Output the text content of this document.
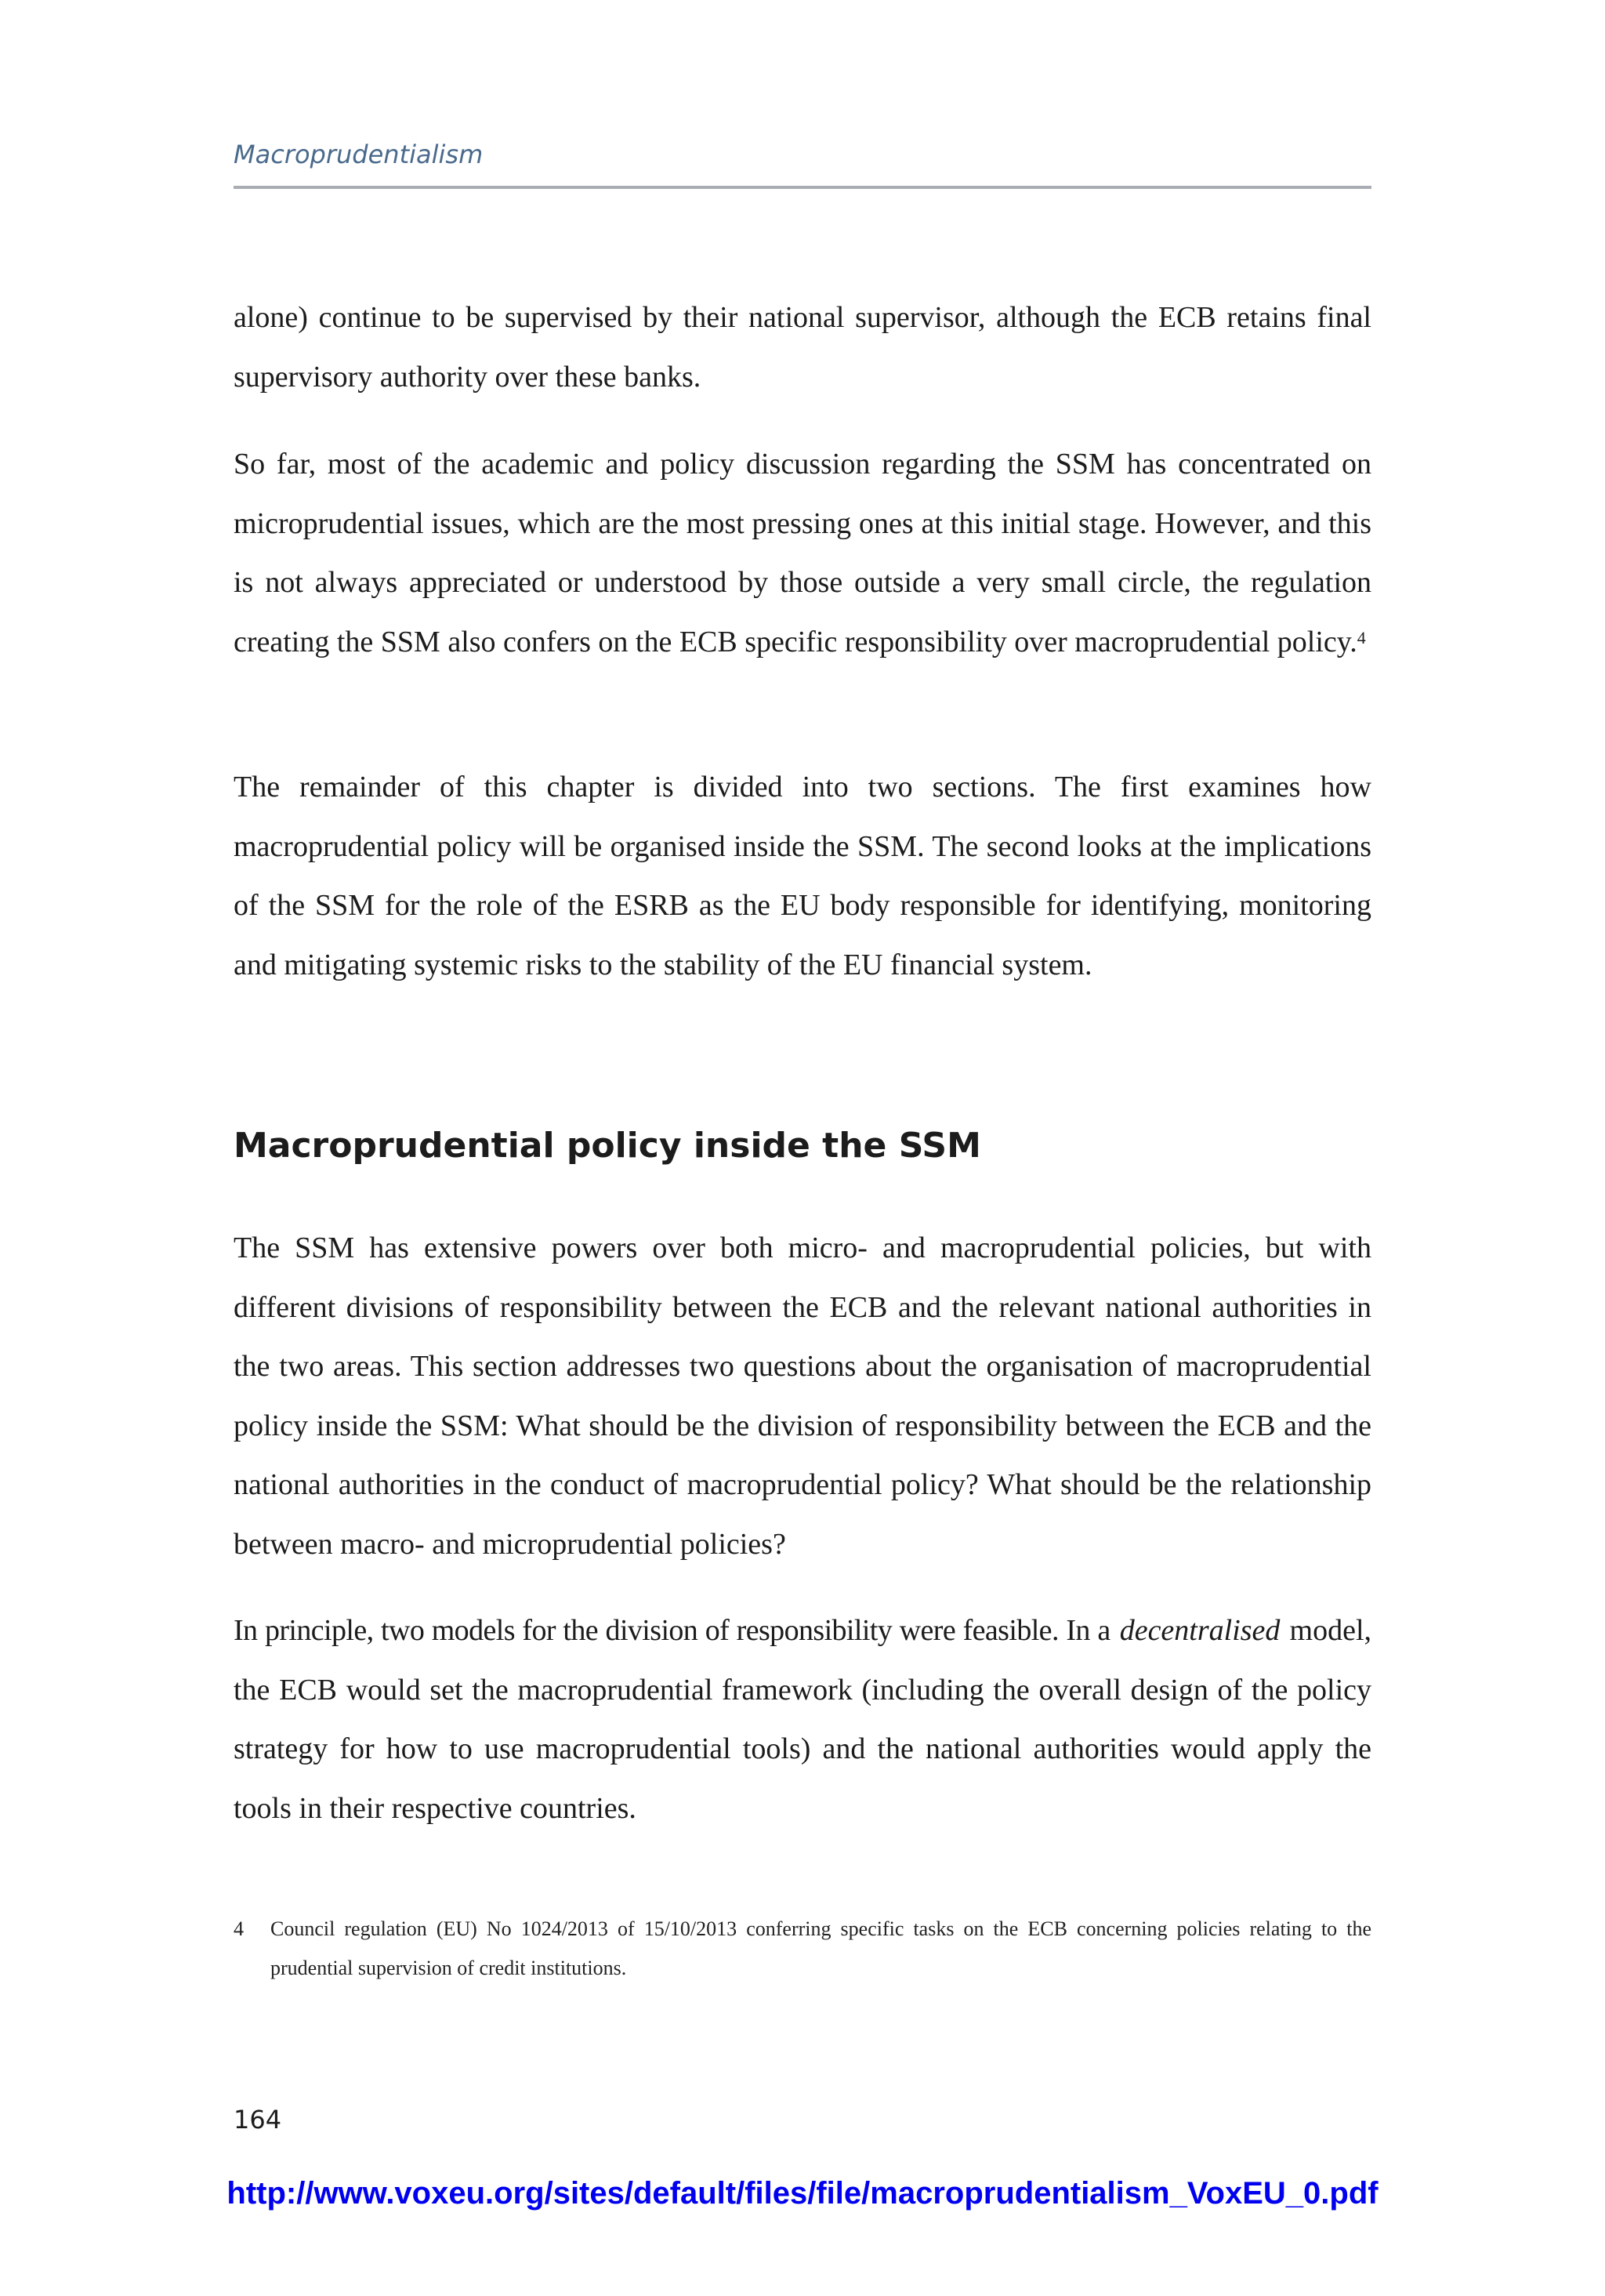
Macroprudentialism

alone) continue to be supervised by their national supervisor, although the ECB retains final supervisory authority over these banks.

So far, most of the academic and policy discussion regarding the SSM has concentrated on microprudential issues, which are the most pressing ones at this initial stage. However, and this is not always appreciated or understood by those outside a very small circle, the regulation creating the SSM also confers on the ECB specific responsibility over macroprudential policy.$^4$

The remainder of this chapter is divided into two sections. The first examines how macroprudential policy will be organised inside the SSM. The second looks at the implications of the SSM for the role of the ESRB as the EU body responsible for identifying, monitoring and mitigating systemic risks to the stability of the EU financial system.

Macroprudential policy inside the SSM

The SSM has extensive powers over both micro- and macroprudential policies, but with different divisions of responsibility between the ECB and the relevant national authorities in the two areas. This section addresses two questions about the organisation of macroprudential policy inside the SSM: What should be the division of responsibility between the ECB and the national authorities in the conduct of macroprudential policy? What should be the relationship between macro- and microprudential policies?

In principle, two models for the division of responsibility were feasible. In a decentralised model, the ECB would set the macroprudential framework (including the overall design of the policy strategy for how to use macroprudential tools) and the national authorities would apply the tools in their respective countries.

4 Council regulation (EU) No 1024/2013 of 15/10/2013 conferring specific tasks on the ECB concerning policies relating to the prudential supervision of credit institutions.
164
http://www.voxeu.org/sites/default/files/file/macroprudentialism_VoxEU_0.pdf
